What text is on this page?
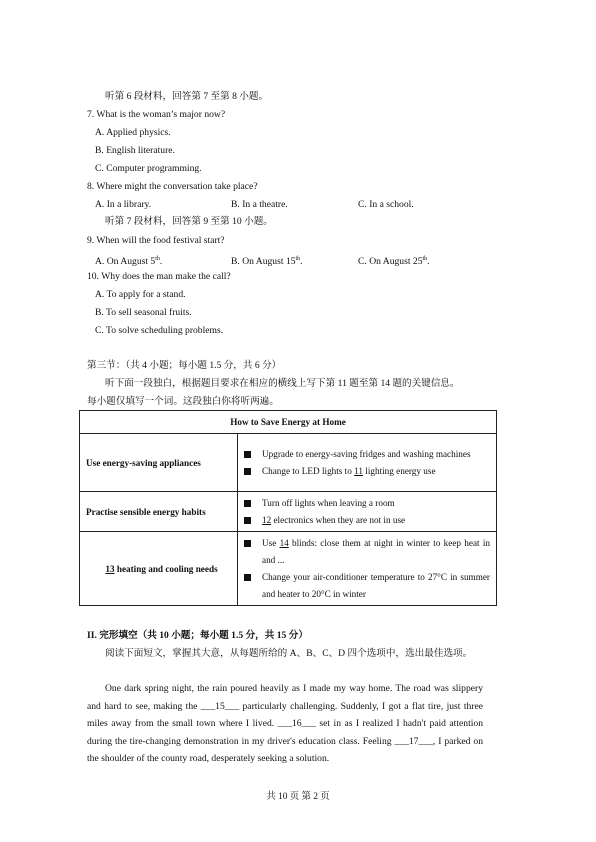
听第 6 段材料，回答第 7 至第 8 小题。
7. What is the woman’s major now?
A. Applied physics.
B. English literature.
C. Computer programming.
8. Where might the conversation take place?
A. In a library.	B. In a theatre.	C. In a school.
听第 7 段材料，回答第 9 至第 10 小题。
9. When will the food festival start?
A. On August 5th.	B. On August 15th.	C. On August 25th.
10. Why does the man make the call?
A. To apply for a stand.
B. To sell seasonal fruits.
C. To solve scheduling problems.
第三节：（共 4 小题；每小题 1.5 分，共 6 分）
听下面一段独白，根据题目要求在相应的横线上写下第 11 题至第 14 题的关键信息。
每小题仅填写一个词。这段独白你将听两遍。
How to Save Energy at Home	
Use energy-saving appliances	Upgrade to energy-saving fridges and washing machines
Change to LED lights to 11 lighting energy use

Practise sensible energy habits	Turn off lights when leaving a room
12 electronics when they are not in use

13 heating and cooling needs	Use 14 blinds: close them at night in winter to keep heat in and ...
Change your air-conditioner temperature to 27°C in summer and heater to 20°C in winter
II. 完形填空（共 10 小题；每小题 1.5 分，共 15 分）

阅读下面短文，掌握其大意，从每题所给的 A、B、C、D 四个选项中，选出最佳选项。

One dark spring night, the rain poured heavily as I made my way home. The road was slippery and hard to see, making the ___15___ particularly challenging. Suddenly, I got a flat tire, just three miles away from the small town where I lived. ___16___ set in as I realized I hadn't paid attention during the tire-changing demonstration in my driver's education class. Feeling ___17___, I parked on the shoulder of the county road, desperately seeking a solution.

共 10 页 第 2 页
